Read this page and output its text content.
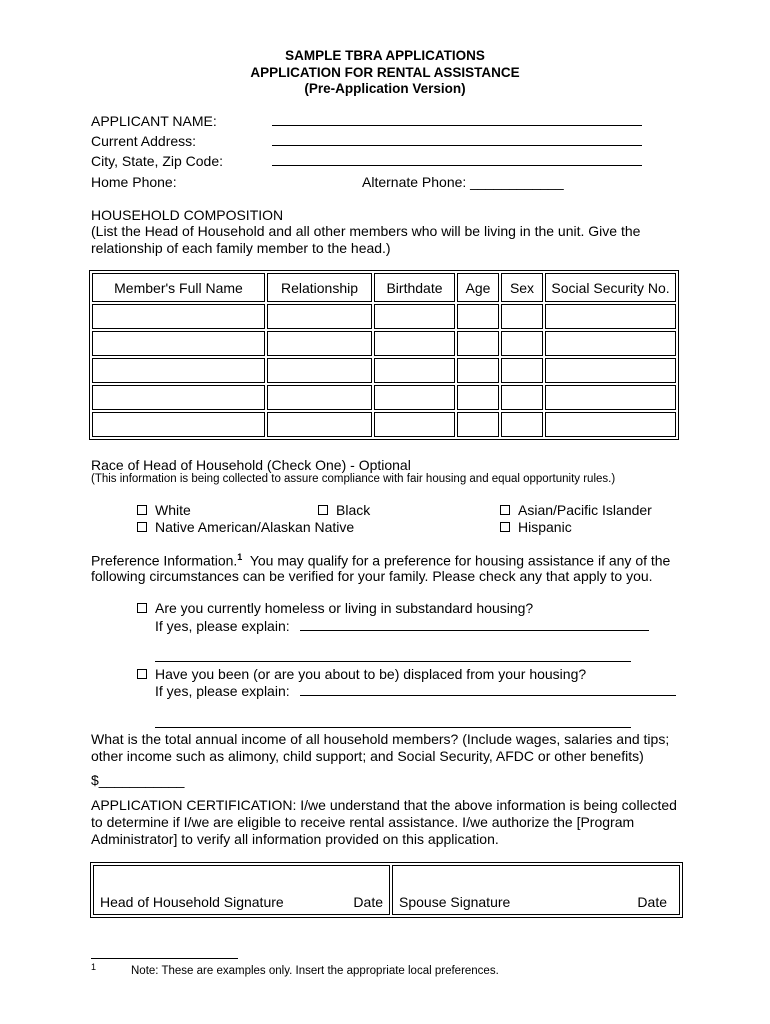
SAMPLE TBRA APPLICATIONS
APPLICATION FOR RENTAL ASSISTANCE
(Pre-Application Version)
APPLICANT NAME:
Current Address:
City, State, Zip Code:
Home Phone:	Alternate Phone: ____________
HOUSEHOLD COMPOSITION
(List the Head of Household and all other members who will be living in the unit. Give the relationship of each family member to the head.)
Member's Full Name	Relationship	Birthdate	Age	Sex	Social Security No.

Race of Head of Household (Check One) - Optional
(This information is being collected to assure compliance with fair housing and equal opportunity rules.)
White	Black	Asian/Pacific Islander
Native American/Alaskan Native	Hispanic
Preference Information.$^1$  You may qualify for a preference for housing assistance if any of the
following circumstances can be verified for your family. Please check any that apply to you.
Are you currently homeless or living in substandard housing?
If yes, please explain:
Have you been (or are you about to be) displaced from your housing?
If yes, please explain:
What is the total annual income of all household members? (Include wages, salaries and tips; other income such as alimony, child support; and Social Security, AFDC or other benefits)
$___________
APPLICATION CERTIFICATION: I/we understand that the above information is being collected to determine if I/we are eligible to receive rental assistance. I/we authorize the [Program Administrator] to verify all information provided on this application.
Head of Household Signature	Date	Spouse Signature	Date
1	Note: These are examples only. Insert the appropriate local preferences.
